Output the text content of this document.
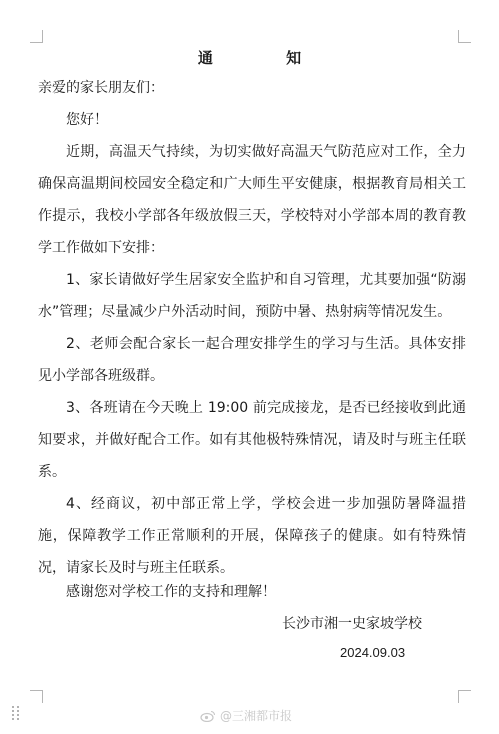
通 知
亲爱的家长朋友们：
您好！
近期，高温天气持续，为切实做好高温天气防范应对工作，全力确保高温期间校园安全稳定和广大师生平安健康，根据教育局相关工作提示，我校小学部各年级放假三天，学校特对小学部本周的教育教学工作做如下安排：
1、家长请做好学生居家安全监护和自习管理，尤其要加强“防溺水”管理；尽量减少户外活动时间，预防中暑、热射病等情况发生。
2、老师会配合家长一起合理安排学生的学习与生活。具体安排见小学部各班级群。
3、各班请在今天晚上 19:00 前完成接龙，是否已经接收到此通知要求，并做好配合工作。如有其他极特殊情况，请及时与班主任联系。
4、经商议，初中部正常上学，学校会进一步加强防暑降温措施，保障教学工作正常顺利的开展，保障孩子的健康。如有特殊情况，请家长及时与班主任联系。
感谢您对学校工作的支持和理解！
长沙市湘一史家坡学校
2024.09.03
@三湘都市报
